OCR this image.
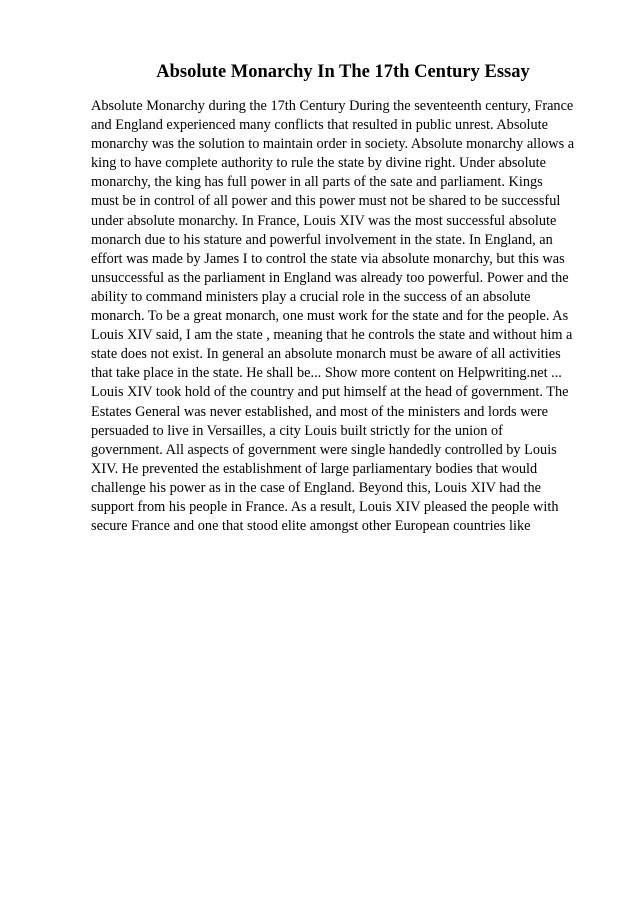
Absolute Monarchy In The 17th Century Essay
Absolute Monarchy during the 17th Century During the seventeenth century, France
and England experienced many conflicts that resulted in public unrest. Absolute
monarchy was the solution to maintain order in society. Absolute monarchy allows a
king to have complete authority to rule the state by divine right. Under absolute
monarchy, the king has full power in all parts of the sate and parliament. Kings
must be in control of all power and this power must not be shared to be successful
under absolute monarchy. In France, Louis XIV was the most successful absolute
monarch due to his stature and powerful involvement in the state. In England, an
effort was made by James I to control the state via absolute monarchy, but this was
unsuccessful as the parliament in England was already too powerful. Power and the
ability to command ministers play a crucial role in the success of an absolute
monarch. To be a great monarch, one must work for the state and for the people. As
Louis XIV said, I am the state , meaning that he controls the state and without him a
state does not exist. In general an absolute monarch must be aware of all activities
that take place in the state. He shall be... Show more content on Helpwriting.net ...
Louis XIV took hold of the country and put himself at the head of government. The
Estates General was never established, and most of the ministers and lords were
persuaded to live in Versailles, a city Louis built strictly for the union of
government. All aspects of government were single handedly controlled by Louis
XIV. He prevented the establishment of large parliamentary bodies that would
challenge his power as in the case of England. Beyond this, Louis XIV had the
support from his people in France. As a result, Louis XIV pleased the people with
secure France and one that stood elite amongst other European countries like
